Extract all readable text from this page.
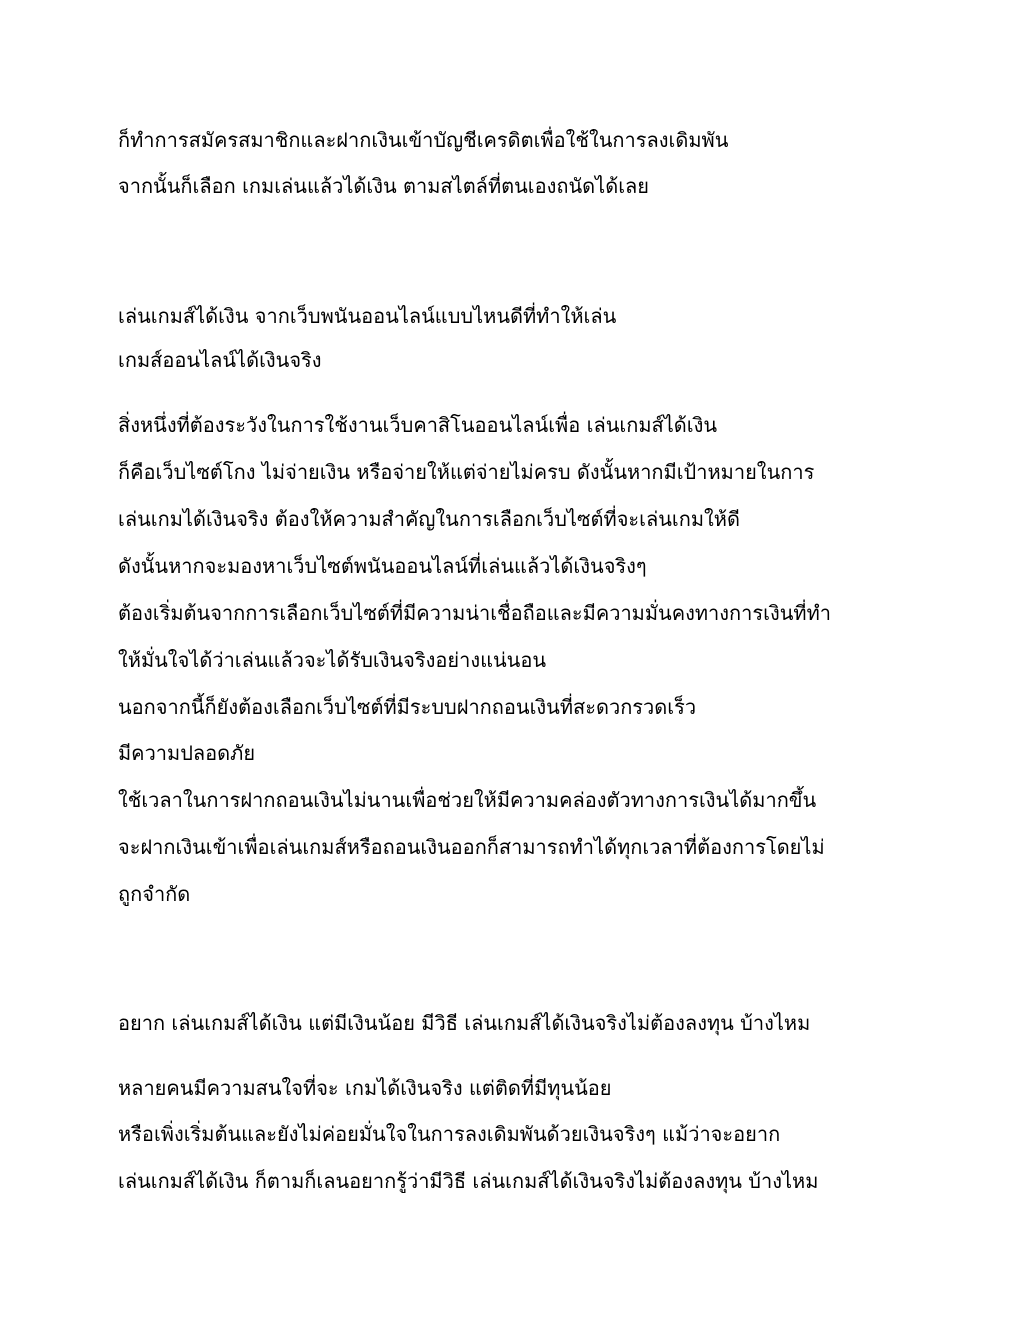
ก็ทำการสมัครสมาชิกและฝากเงินเข้าบัญชีเครดิตเพื่อใช้ในการลงเดิมพัน
จากนั้นก็เลือก เกมเล่นแล้วได้เงิน ตามสไตล์ที่ตนเองถนัดได้เลย
เล่นเกมส์ได้เงิน จากเว็บพนันออนไลน์แบบไหนดีที่ทำให้เล่น
เกมส์ออนไลน์ได้เงินจริง
สิ่งหนึ่งที่ต้องระวังในการใช้งานเว็บคาสิโนออนไลน์เพื่อ เล่นเกมส์ได้เงิน
ก็คือเว็บไซต์โกง ไม่จ่ายเงิน หรือจ่ายให้แต่จ่ายไม่ครบ ดังนั้นหากมีเป้าหมายในการ
เล่นเกมได้เงินจริง ต้องให้ความสำคัญในการเลือกเว็บไซต์ที่จะเล่นเกมให้ดี
ดังนั้นหากจะมองหาเว็บไซต์พนันออนไลน์ที่เล่นแล้วได้เงินจริงๆ
ต้องเริ่มต้นจากการเลือกเว็บไซต์ที่มีความน่าเชื่อถือและมีความมั่นคงทางการเงินที่ทำ
ให้มั่นใจได้ว่าเล่นแล้วจะได้รับเงินจริงอย่างแน่นอน
นอกจากนี้ก็ยังต้องเลือกเว็บไซต์ที่มีระบบฝากถอนเงินที่สะดวกรวดเร็ว
มีความปลอดภัย
ใช้เวลาในการฝากถอนเงินไม่นานเพื่อช่วยให้มีความคล่องตัวทางการเงินได้มากขึ้น
จะฝากเงินเข้าเพื่อเล่นเกมส์หรือถอนเงินออกก็สามารถทำได้ทุกเวลาที่ต้องการโดยไม่
ถูกจำกัด
อยาก เล่นเกมส์ได้เงิน แต่มีเงินน้อย มีวิธี เล่นเกมส์ได้เงินจริงไม่ต้องลงทุน บ้างไหม
หลายคนมีความสนใจที่จะ เกมได้เงินจริง แต่ติดที่มีทุนน้อย
หรือเพิ่งเริ่มต้นและยังไม่ค่อยมั่นใจในการลงเดิมพันด้วยเงินจริงๆ แม้ว่าจะอยาก
เล่นเกมส์ได้เงิน ก็ตามก็เลนอยากรู้ว่ามีวิธี เล่นเกมส์ได้เงินจริงไม่ต้องลงทุน บ้างไหม
